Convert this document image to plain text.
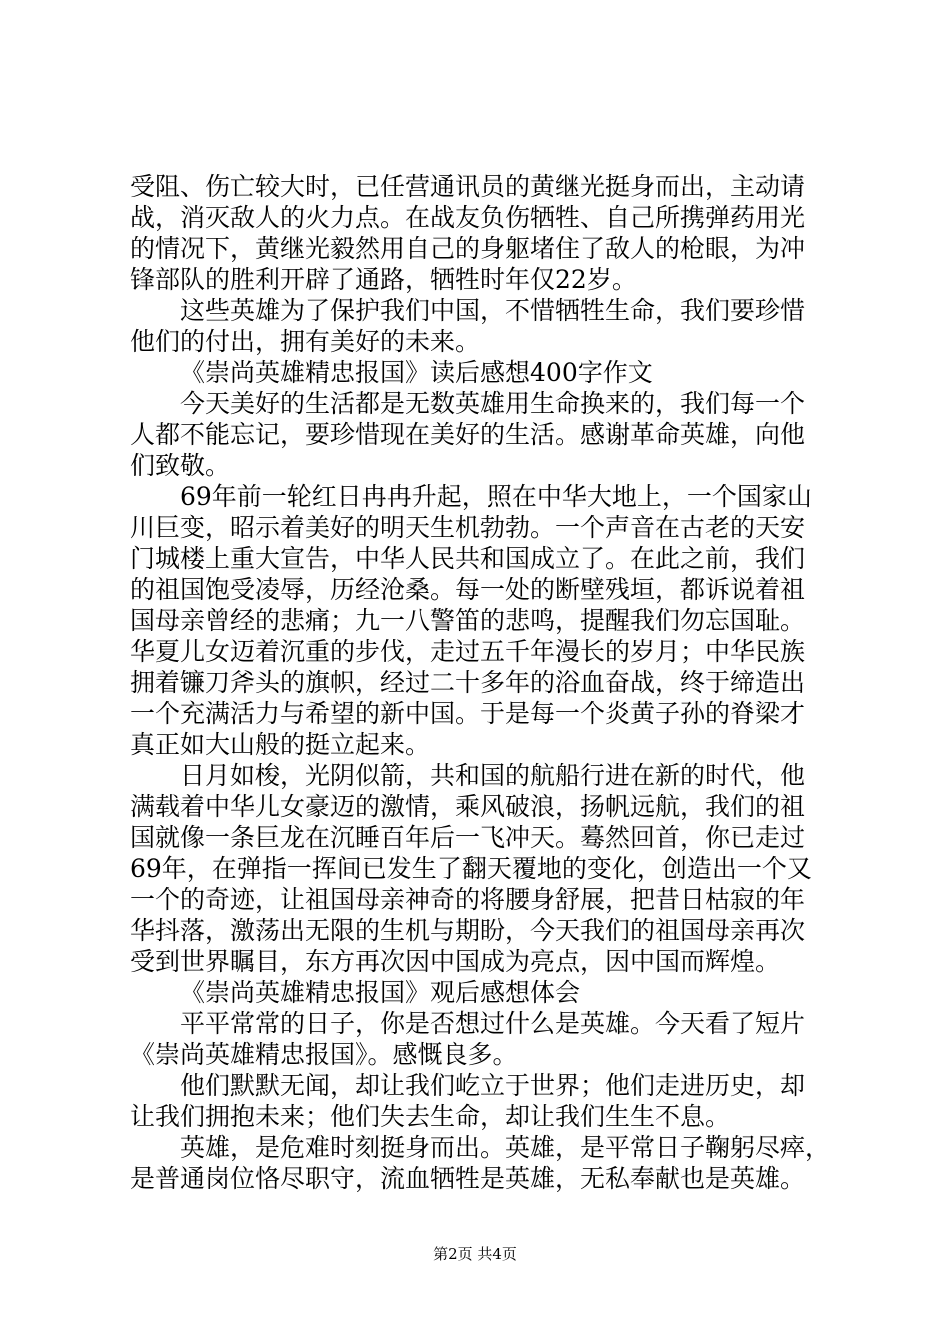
受阻、伤亡较大时，已任营通讯员的黄继光挺身而出，主动请
战，消灭敌人的火力点。在战友负伤牺牲、自己所携弹药用光
的情况下，黄继光毅然用自己的身躯堵住了敌人的枪眼，为冲
锋部队的胜利开辟了通路，牺牲时年仅22岁。
这些英雄为了保护我们中国，不惜牺牲生命，我们要珍惜
他们的付出，拥有美好的未来。
《崇尚英雄精忠报国》读后感想400字作文
今天美好的生活都是无数英雄用生命换来的，我们每一个
人都不能忘记，要珍惜现在美好的生活。感谢革命英雄，向他
们致敬。
69年前一轮红日冉冉升起，照在中华大地上，一个国家山
川巨变，昭示着美好的明天生机勃勃。一个声音在古老的天安
门城楼上重大宣告，中华人民共和国成立了。在此之前，我们
的祖国饱受凌辱，历经沧桑。每一处的断壁残垣，都诉说着祖
国母亲曾经的悲痛；九一八警笛的悲鸣，提醒我们勿忘国耻。
华夏儿女迈着沉重的步伐，走过五千年漫长的岁月；中华民族
拥着镰刀斧头的旗帜，经过二十多年的浴血奋战，终于缔造出
一个充满活力与希望的新中国。于是每一个炎黄子孙的脊梁才
真正如大山般的挺立起来。
日月如梭，光阴似箭，共和国的航船行进在新的时代，他
满载着中华儿女豪迈的激情，乘风破浪，扬帆远航，我们的祖
国就像一条巨龙在沉睡百年后一飞冲天。蓦然回首，你已走过
69年，在弹指一挥间已发生了翻天覆地的变化，创造出一个又
一个的奇迹，让祖国母亲神奇的将腰身舒展，把昔日枯寂的年
华抖落，激荡出无限的生机与期盼，今天我们的祖国母亲再次
受到世界瞩目，东方再次因中国成为亮点，因中国而辉煌。
《崇尚英雄精忠报国》观后感想体会
平平常常的日子，你是否想过什么是英雄。今天看了短片
《崇尚英雄精忠报国》。感慨良多。
他们默默无闻，却让我们屹立于世界；他们走进历史，却
让我们拥抱未来；他们失去生命，却让我们生生不息。
英雄，是危难时刻挺身而出。英雄，是平常日子鞠躬尽瘁，
是普通岗位恪尽职守，流血牺牲是英雄，无私奉献也是英雄。
第2页 共4页
